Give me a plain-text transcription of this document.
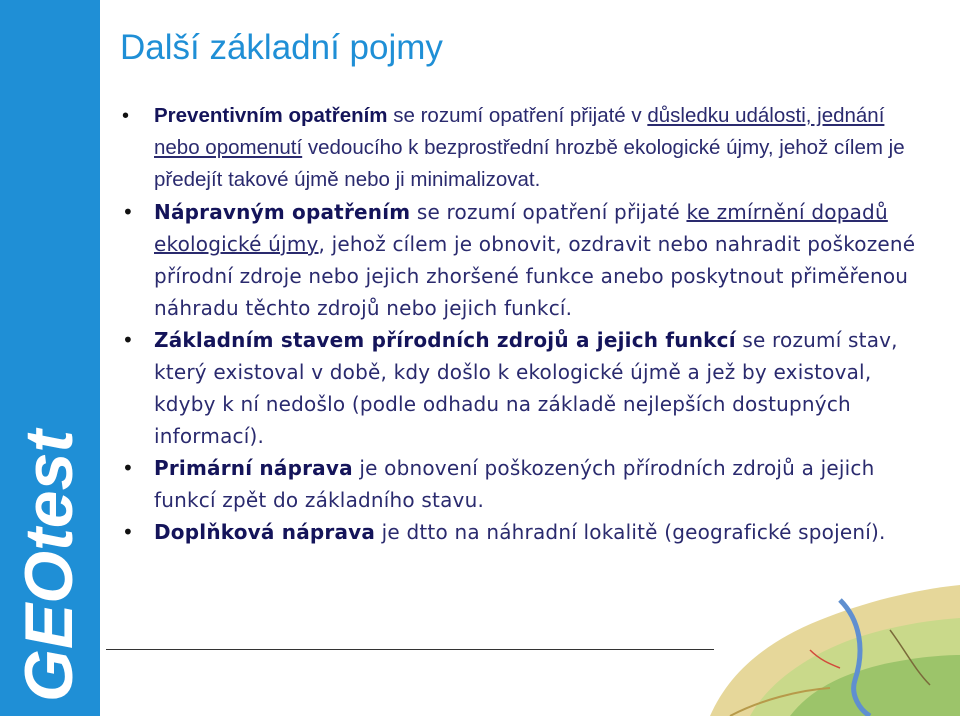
GEOtest
Další základní pojmy
• Preventivním opatřením se rozumí opatření přijaté v důsledku události, jednání nebo opomenutí vedoucího k bezprostřední hrozbě ekologické újmy, jehož cílem je předejít takové újmě nebo ji minimalizovat.
• Nápravným opatřením se rozumí opatření přijaté ke zmírnění dopadů ekologické újmy, jehož cílem je obnovit, ozdravit nebo nahradit poškozené přírodní zdroje nebo jejich zhoršené funkce anebo poskytnout přiměřenou náhradu těchto zdrojů nebo jejich funkcí.
• Základním stavem přírodních zdrojů a jejich funkcí se rozumí stav, který existoval v době, kdy došlo k ekologické újmě a jež by existoval, kdyby k ní nedošlo (podle odhadu na základě nejlepších dostupných informací).
• Primární náprava je obnovení poškozených přírodních zdrojů a jejich funkcí zpět do základního stavu.
• Doplňková náprava je dtto na náhradní lokalitě (geografické spojení).
